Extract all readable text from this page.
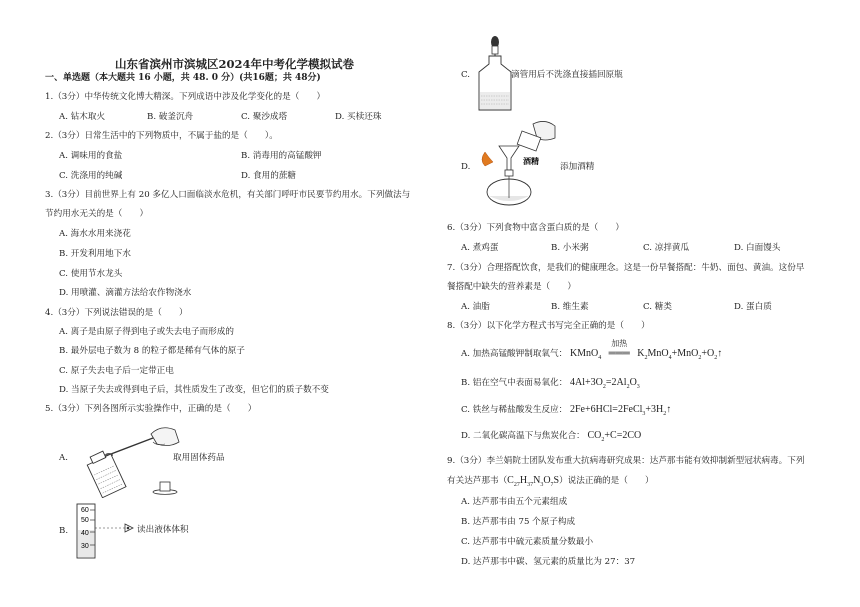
山东省滨州市滨城区2024年中考化学模拟试卷
一、单选题（本大题共 16 小题，共 48. 0 分）(共16题；共 48分)
1.（3分）中华传统文化博大精深。下列成语中涉及化学变化的是（　　）
A. 钻木取火	B. 破釜沉舟	C. 聚沙成塔	D. 买椟还珠
2.（3分）日常生活中的下列物质中，不属于盐的是（　　）。
A. 调味用的食盐	B. 消毒用的高锰酸钾
C. 洗涤用的纯碱	D. 食用的蔗糖
3.（3分）目前世界上有 20 多亿人口面临淡水危机，有关部门呼吁市民要节约用水。下列做法与
节约用水无关的是（　　）
A. 海水水用来浇花
B. 开发利用地下水
C. 使用节水龙头
D. 用喷灌、滴灌方法给农作物浇水
4.（3分）下列说法错误的是（　　）
A. 离子是由原子得到电子或失去电子而形成的
B. 最外层电子数为 8 的粒子都是稀有气体的原子
C. 原子失去电子后一定带正电
D. 当原子失去或得到电子后，其性质发生了改变，但它们的质子数不变
5.（3分）下列各图所示实验操作中，正确的是（　　）
A.	取用固体药品
B.
60
50
40
30
读出液体体积
C.	滴管用后不洗涤直接插回原瓶
D.
酒精
添加酒精
6.（3分）下列食物中富含蛋白质的是（　　）
A. 煮鸡蛋	B. 小米粥	C. 凉拌黄瓜	D. 白面馒头
7.（3分）合理搭配饮食，是我们的健康理念。这是一份早餐搭配：牛奶、面包、黄油。这份早
餐搭配中缺失的营养素是（　　）
A. 油脂	B. 维生素	C. 糖类	D. 蛋白质
8.（3分）以下化学方程式书写完全正确的是（　　）
A. 加热高锰酸钾制取氧气： KMnO$_4$
加热
═══ $K_2MnO_4+MnO_2+O_2↑$
B. 铝在空气中表面易氧化： $4Al+3O_2=2Al_2O_3$
C. 铁丝与稀盐酸发生反应： $2Fe+6HCl=2FeCl_3+3H_2↑$
D. 二氧化碳高温下与焦炭化合： $CO_2+C=2CO$
9.（3分）李兰娟院士团队发布重大抗病毒研究成果：达芦那韦能有效抑制新型冠状病毒。下列
有关达芦那韦$(C_{27}H_{37}N_3O_7S)$说法正确的是（　　）
A. 达芦那韦由五个元素组成
B. 达芦那韦由 75 个原子构成
C. 达芦那韦中硫元素质量分数最小
D. 达芦那韦中碳、氢元素的质量比为 27：37
